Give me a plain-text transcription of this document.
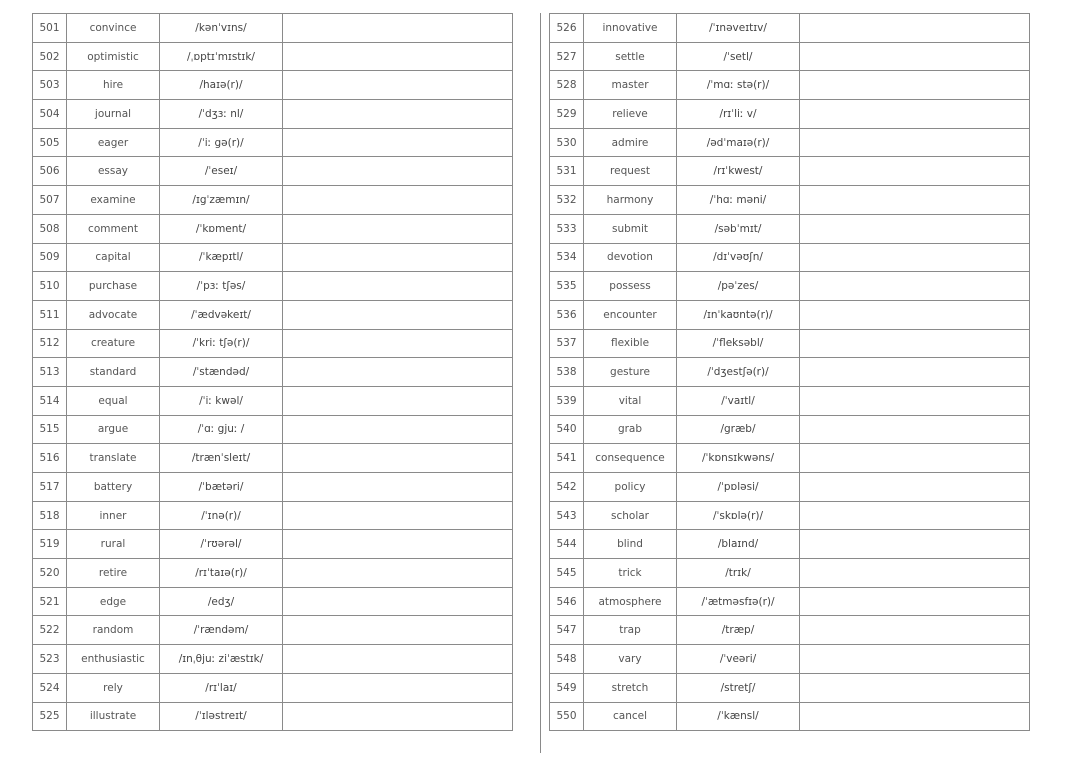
501	convince	/kənˈvɪns/	
502	optimistic	/ˌɒptɪˈmɪstɪk/	
503	hire	/haɪə(r)/	
504	journal	/ˈdʒɜː nl/	
505	eager	/ˈiː gə(r)/	
506	essay	/ˈeseɪ/	
507	examine	/ɪgˈzæmɪn/	
508	comment	/ˈkɒment/	
509	capital	/ˈkæpɪtl/	
510	purchase	/ˈpɜː tʃəs/	
511	advocate	/ˈædvəkeɪt/	
512	creature	/ˈkriː tʃə(r)/	
513	standard	/ˈstændəd/	
514	equal	/ˈiː kwəl/	
515	argue	/ˈɑː gjuː /	
516	translate	/trænˈsleɪt/	
517	battery	/ˈbætəri/	
518	inner	/ˈɪnə(r)/	
519	rural	/ˈrʊərəl/	
520	retire	/rɪˈtaɪə(r)/	
521	edge	/edʒ/	
522	random	/ˈrændəm/	
523	enthusiastic	/ɪnˌθjuː ziˈæstɪk/	
524	rely	/rɪˈlaɪ/	
525	illustrate	/ˈɪləstreɪt/	
526	innovative	/ˈɪnəveɪtɪv/	
527	settle	/ˈsetl/	
528	master	/ˈmɑː stə(r)/	
529	relieve	/rɪˈliː v/	
530	admire	/ədˈmaɪə(r)/	
531	request	/rɪˈkwest/	
532	harmony	/ˈhɑː məni/	
533	submit	/səbˈmɪt/	
534	devotion	/dɪˈvəʊʃn/	
535	possess	/pəˈzes/	
536	encounter	/ɪnˈkaʊntə(r)/	
537	flexible	/ˈfleksəbl/	
538	gesture	/ˈdʒestʃə(r)/	
539	vital	/ˈvaɪtl/	
540	grab	/græb/	
541	consequence	/ˈkɒnsɪkwəns/	
542	policy	/ˈpɒləsi/	
543	scholar	/ˈskɒlə(r)/	
544	blind	/blaɪnd/	
545	trick	/trɪk/	
546	atmosphere	/ˈætməsfɪə(r)/	
547	trap	/træp/	
548	vary	/ˈveəri/	
549	stretch	/stretʃ/	
550	cancel	/ˈkænsl/	
